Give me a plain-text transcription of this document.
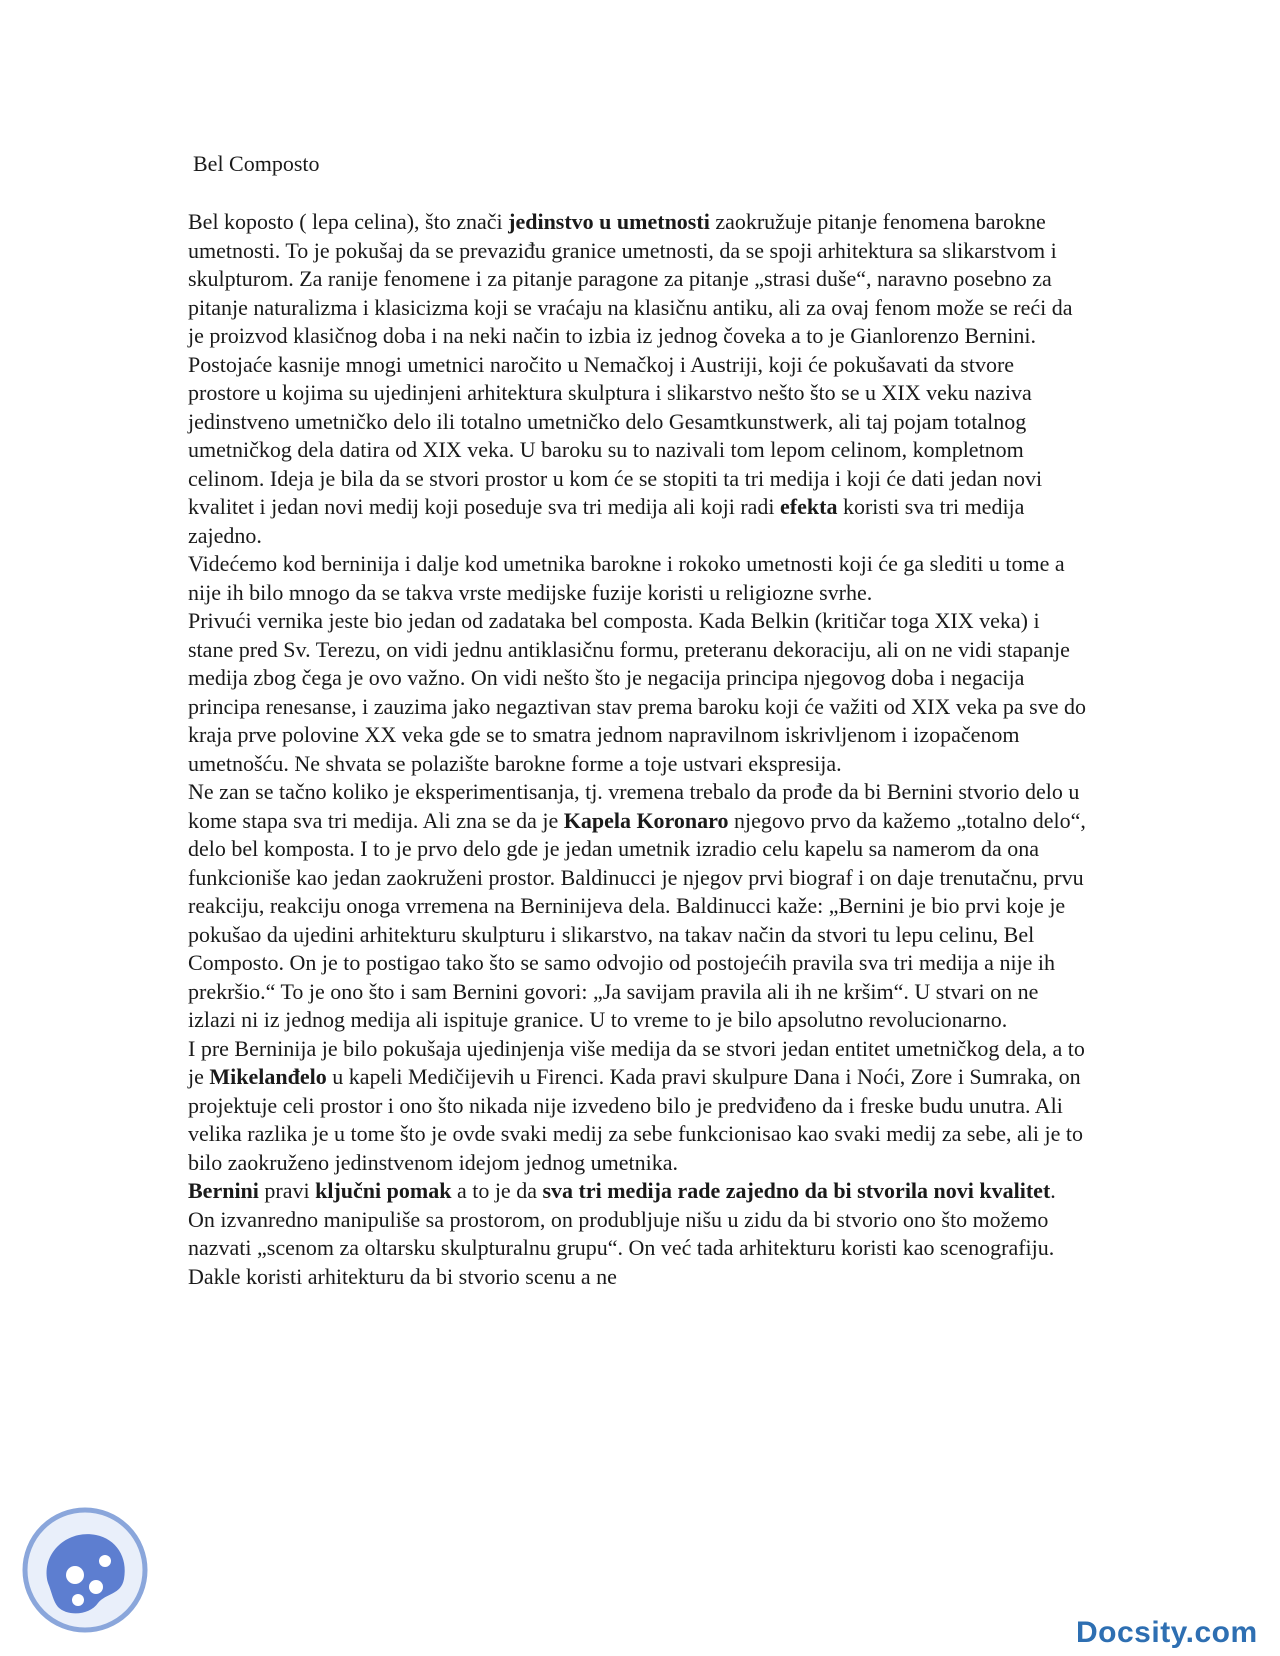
Bel Composto

Bel koposto ( lepa celina), što znači jedinstvo u umetnosti zaokružuje pitanje fenomena barokne umetnosti. To je pokušaj da se prevaziđu granice umetnosti, da se spoji arhitektura sa slikarstvom i skulpturom. Za ranije fenomene i za pitanje paragone za pitanje „strasi duše“, naravno posebno za pitanje naturalizma i klasicizma koji se vraćaju na klasičnu antiku, ali za ovaj fenom može se reći da je proizvod klasičnog doba i na neki način to izbia iz jednog čoveka a to je Gianlorenzo Bernini. Postojaće kasnije mnogi umetnici naročito u Nemačkoj i Austriji, koji će pokušavati da stvore prostore u kojima su ujedinjeni arhitektura skulptura i slikarstvo nešto što se u XIX veku naziva jedinstveno umetničko delo ili totalno umetničko delo Gesamtkunstwerk, ali taj pojam totalnog umetničkog dela datira od XIX veka. U baroku su to nazivali tom lepom celinom, kompletnom celinom. Ideja je bila da se stvori prostor u kom će se stopiti ta tri medija i koji će dati jedan novi kvalitet i jedan novi medij koji poseduje sva tri medija ali koji radi efekta koristi sva tri medija zajedno.

Videćemo kod berninija i dalje kod umetnika barokne i rokoko umetnosti koji će ga slediti u tome a nije ih bilo mnogo da se takva vrste medijske fuzije koristi u religiozne svrhe.

Privući vernika jeste bio jedan od zadataka bel composta. Kada Belkin (kritičar toga XIX veka) i stane pred Sv. Terezu, on vidi jednu antiklasičnu formu, preteranu dekoraciju, ali on ne vidi stapanje medija zbog čega je ovo važno. On vidi nešto što je negacija principa njegovog doba i negacija principa renesanse, i zauzima jako negaztivan stav prema baroku koji će važiti od XIX veka pa sve do kraja prve polovine XX veka gde se to smatra jednom napravilnom iskrivljenom i izopačenom umetnošću. Ne shvata se polazište barokne forme a toje ustvari ekspresija.

Ne zan se tačno koliko je eksperimentisanja, tj. vremena trebalo da prođe da bi Bernini stvorio delo u kome stapa sva tri medija. Ali zna se da je Kapela Koronaro njegovo prvo da kažemo „totalno delo“, delo bel komposta. I to je prvo delo gde je jedan umetnik izradio celu kapelu sa namerom da ona funkcioniše kao jedan zaokruženi prostor. Baldinucci je njegov prvi biograf i on daje trenutačnu, prvu reakciju, reakciju onoga vrremena na Berninijeva dela. Baldinucci kaže: „Bernini je bio prvi koje je pokušao da ujedini arhitekturu skulpturu i slikarstvo, na takav način da stvori tu lepu celinu, Bel Composto. On je to postigao tako što se samo odvojio od postojećih pravila sva tri medija a nije ih prekršio.“ To je ono što i sam Bernini govori: „Ja savijam pravila ali ih ne kršim“. U stvari on ne izlazi ni iz jednog medija ali ispituje granice. U to vreme to je bilo apsolutno revolucionarno.

I pre Berninija je bilo pokušaja ujedinjenja više medija da se stvori jedan entitet umetničkog dela, a to je Mikelanđelo u kapeli Medičijevih u Firenci. Kada pravi skulpure Dana i Noći, Zore i Sumraka, on projektuje celi prostor i ono što nikada nije izvedeno bilo je predviđeno da i freske budu unutra. Ali velika razlika je u tome što je ovde svaki medij za sebe funkcionisao kao svaki medij za sebe, ali je to bilo zaokruženo jedinstvenom idejom jednog umetnika.

Bernini pravi ključni pomak a to je da sva tri medija rade zajedno da bi stvorila novi kvalitet. On izvanredno manipuliše sa prostorom, on produbljuje nišu u zidu da bi stvorio ono što možemo nazvati „scenom za oltarsku skulpturalnu grupu“. On već tada arhitekturu koristi kao scenografiju. Dakle koristi arhitekturu da bi stvorio scenu a ne

Docsity.com
